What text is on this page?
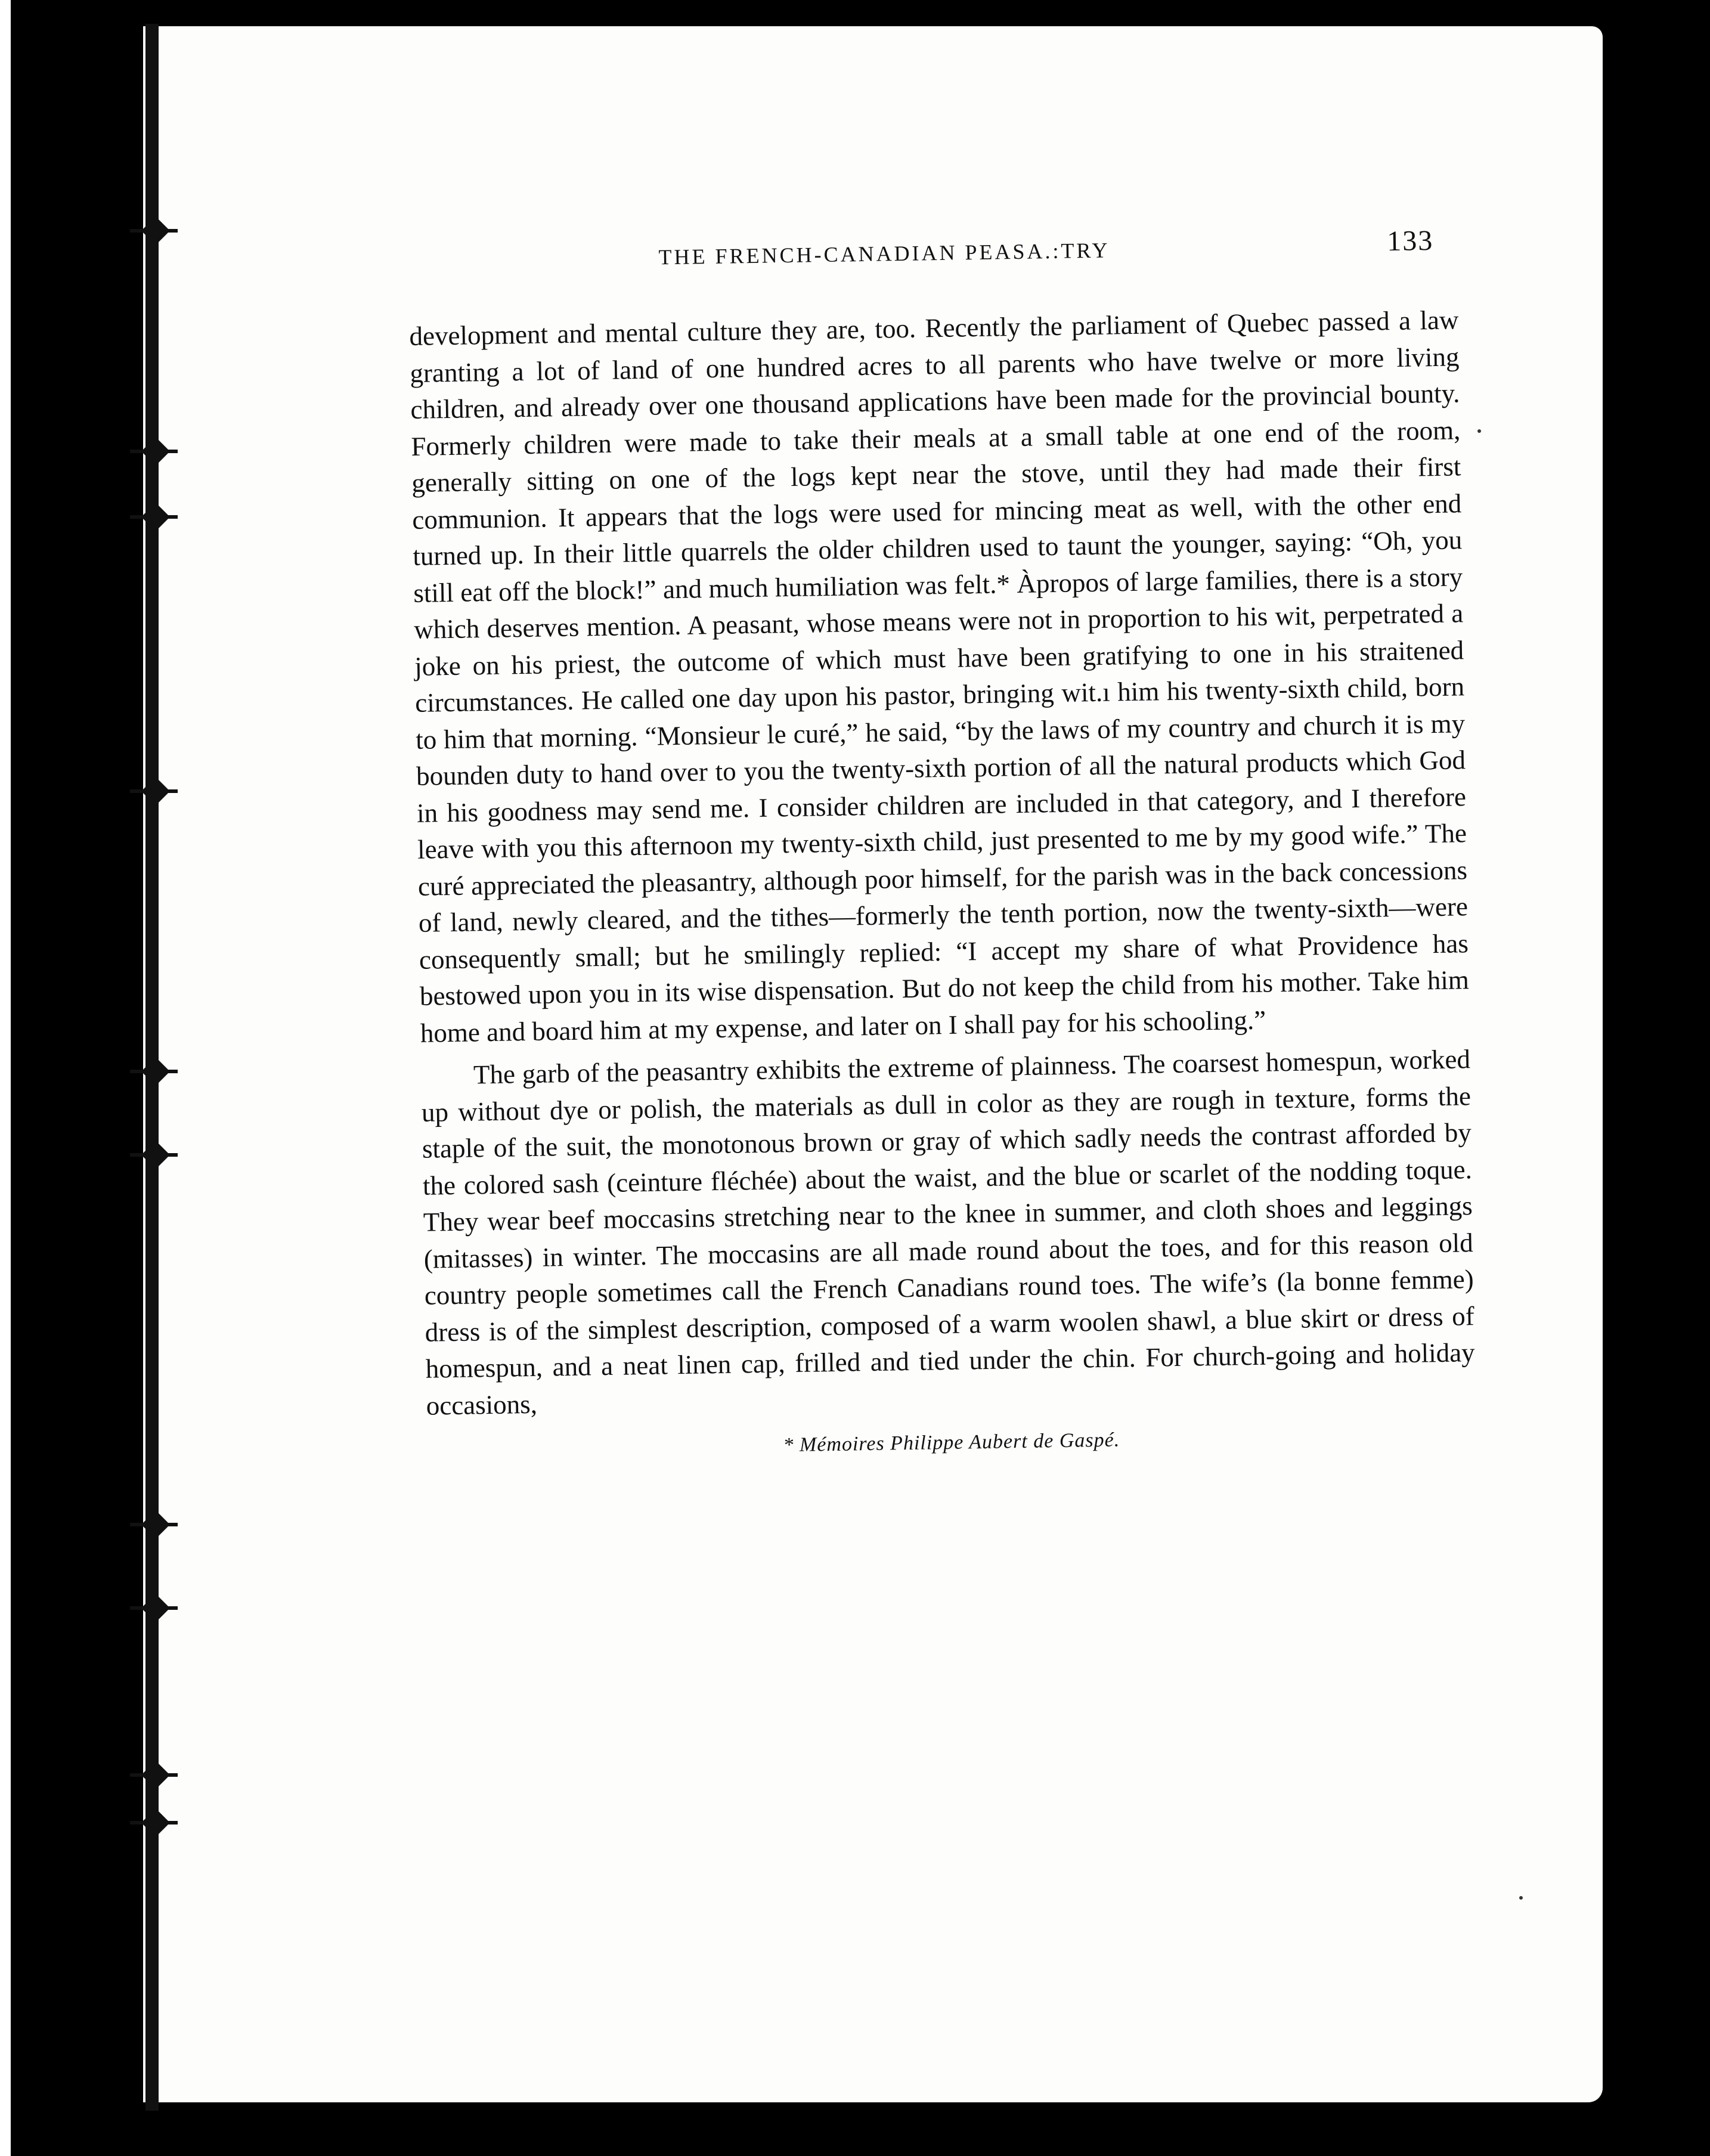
THE FRENCH-CANADIAN PEASA.:TRY	133

development and mental culture they are, too. Recently the parliament of Quebec passed a law granting a lot of land of one hundred acres to all parents who have twelve or more living children, and already over one thousand applications have been made for the provincial bounty. Formerly children were made to take their meals at a small table at one end of the room, generally sitting on one of the logs kept near the stove, until they had made their first communion. It appears that the logs were used for mincing meat as well, with the other end turned up. In their little quarrels the older children used to taunt the younger, saying: “Oh, you still eat off the block!” and much humiliation was felt.* Àpropos of large families, there is a story which deserves mention. A peasant, whose means were not in proportion to his wit, perpetrated a joke on his priest, the outcome of which must have been gratifying to one in his straitened circumstances. He called one day upon his pastor, bringing wit.ı him his twenty-sixth child, born to him that morning. “Monsieur le curé,” he said, “by the laws of my country and church it is my bounden duty to hand over to you the twenty-sixth portion of all the natural products which God in his goodness may send me. I consider children are included in that category, and I therefore leave with you this afternoon my twenty-sixth child, just presented to me by my good wife.” The curé appreciated the pleasantry, although poor himself, for the parish was in the back concessions of land, newly cleared, and the tithes—formerly the tenth portion, now the twenty-sixth—were consequently small; but he smilingly replied: “I accept my share of what Providence has bestowed upon you in its wise dispensation. But do not keep the child from his mother. Take him home and board him at my expense, and later on I shall pay for his schooling.”

The garb of the peasantry exhibits the extreme of plainness. The coarsest homespun, worked up without dye or polish, the materials as dull in color as they are rough in texture, forms the staple of the suit, the monotonous brown or gray of which sadly needs the contrast afforded by the colored sash (ceinture fléchée) about the waist, and the blue or scarlet of the nodding toque. They wear beef moccasins stretching near to the knee in summer, and cloth shoes and leggings (mitasses) in winter. The moccasins are all made round about the toes, and for this reason old country people sometimes call the French Canadians round toes. The wife’s (la bonne femme) dress is of the simplest description, composed of a warm woolen shawl, a blue skirt or dress of homespun, and a neat linen cap, frilled and tied under the chin. For church-going and holiday occasions,

* Mémoires Philippe Aubert de Gaspé.
